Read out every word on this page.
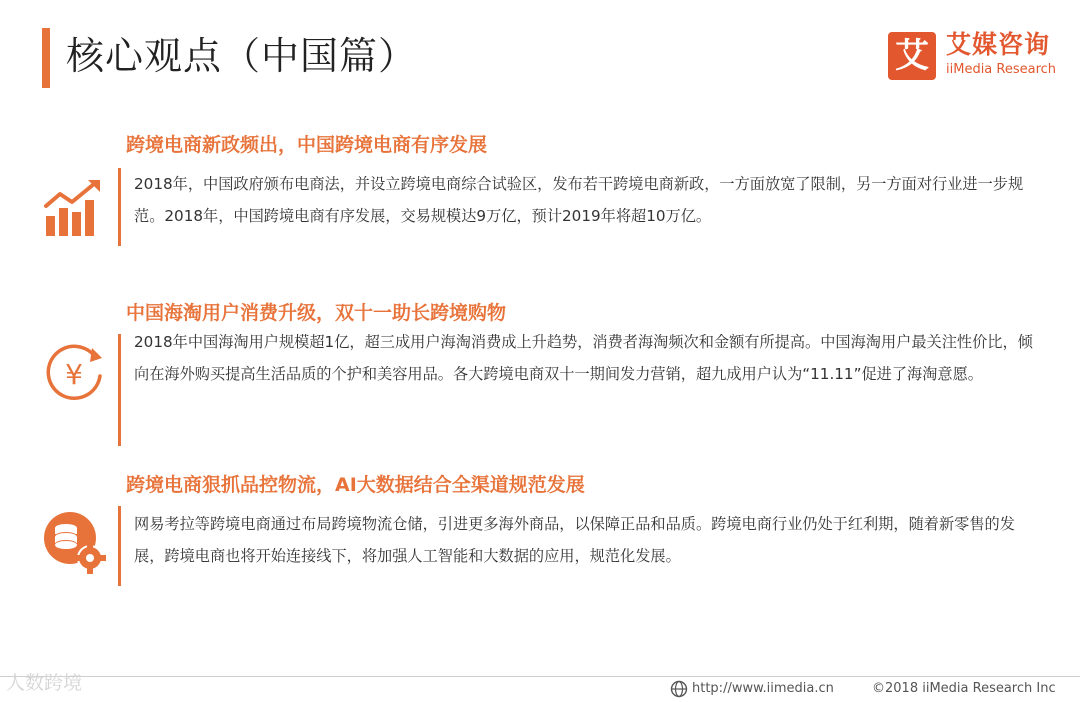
核心观点（中国篇）	艾 艾媒咨询
iiMedia Research
跨境电商新政频出，中国跨境电商有序发展
2018年，中国政府颁布电商法，并设立跨境电商综合试验区，发布若干跨境电商新政，一方面放宽了限制，另一方面对行业进一步规范。2018年，中国跨境电商有序发展，交易规模达9万亿，预计2019年将超10万亿。
中国海淘用户消费升级，双十一助长跨境购物
¥
2018年中国海淘用户规模超1亿，超三成用户海淘消费成上升趋势，消费者海淘频次和金额有所提高。中国海淘用户最关注性价比，倾向在海外购买提高生活品质的个护和美容用品。各大跨境电商双十一期间发力营销，超九成用户认为“11.11”促进了海淘意愿。
跨境电商狠抓品控物流，AI大数据结合全渠道规范发展
网易考拉等跨境电商通过布局跨境物流仓储，引进更多海外商品，以保障正品和品质。跨境电商行业仍处于红利期，随着新零售的发展，跨境电商也将开始连接线下，将加强人工智能和大数据的应用，规范化发展。
人数跨境	http://www.iimedia.cn	©2018 iiMedia Research Inc
